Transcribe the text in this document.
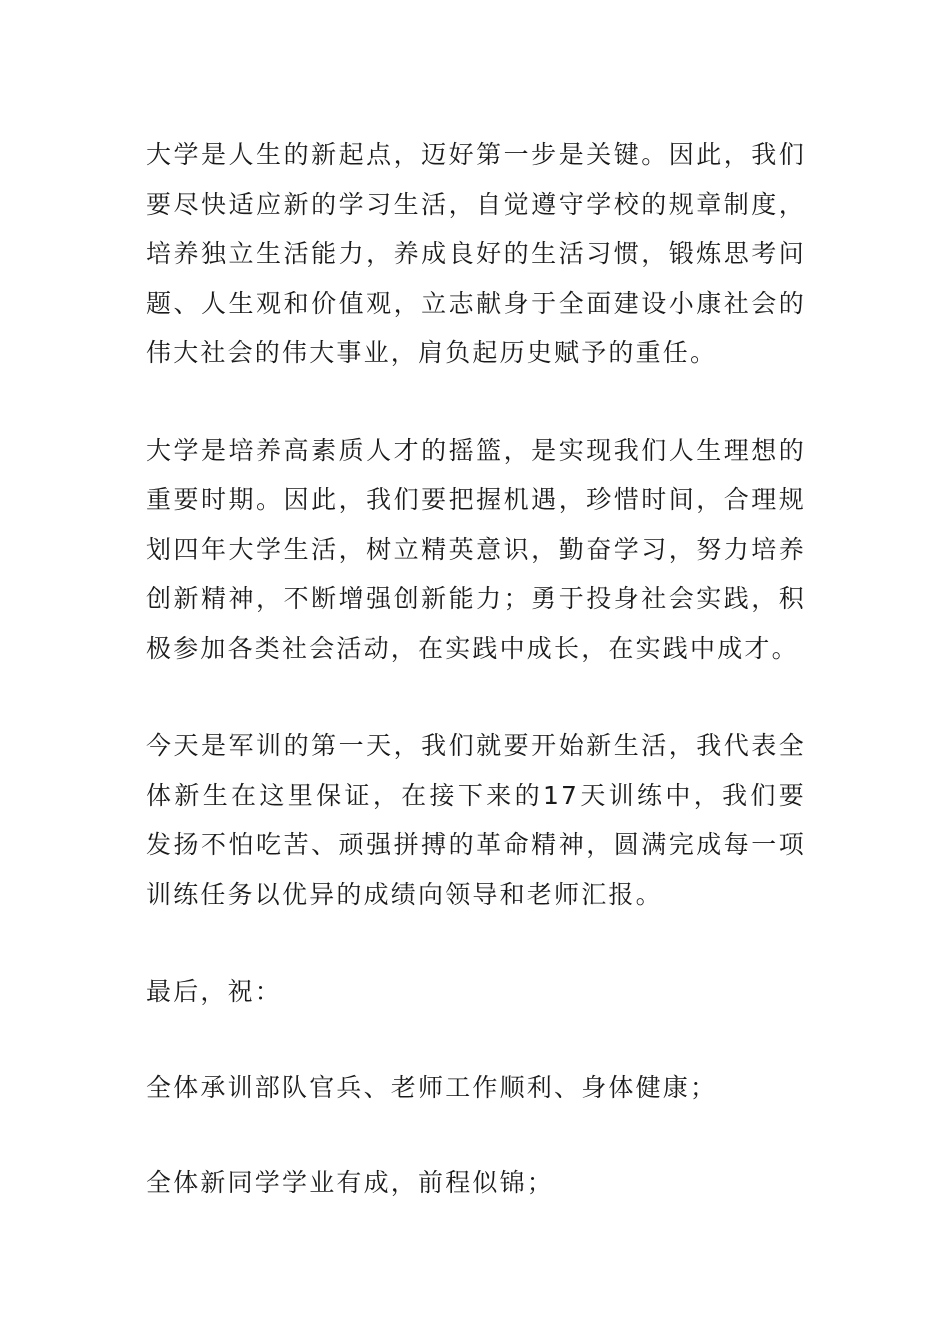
大学是人生的新起点，迈好第一步是关键。因此，我们要尽快适应新的学习生活，自觉遵守学校的规章制度，培养独立生活能力，养成良好的生活习惯，锻炼思考问题、人生观和价值观，立志献身于全面建设小康社会的伟大社会的伟大事业，肩负起历史赋予的重任。

大学是培养高素质人才的摇篮，是实现我们人生理想的重要时期。因此，我们要把握机遇，珍惜时间，合理规划四年大学生活，树立精英意识，勤奋学习，努力培养创新精神，不断增强创新能力；勇于投身社会实践，积极参加各类社会活动，在实践中成长，在实践中成才。

今天是军训的第一天，我们就要开始新生活，我代表全体新生在这里保证，在接下来的17天训练中，我们要发扬不怕吃苦、顽强拼搏的革命精神，圆满完成每一项训练任务以优异的成绩向领导和老师汇报。

最后，祝：

全体承训部队官兵、老师工作顺利、身体健康；

全体新同学学业有成，前程似锦；
